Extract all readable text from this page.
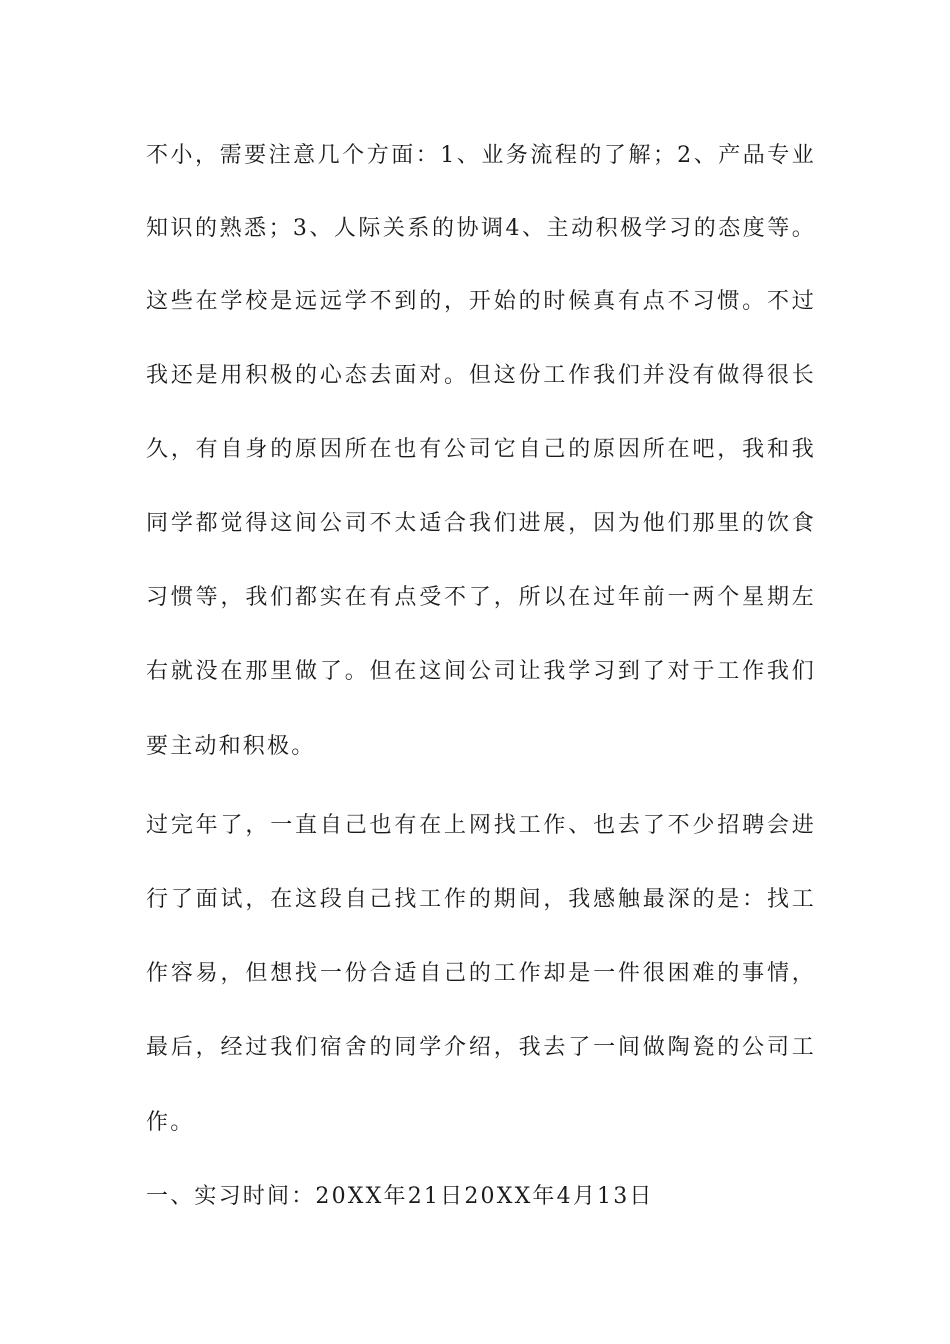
不小，需要注意几个方面：1、业务流程的了解；2、产品专业
知识的熟悉；3、人际关系的协调4、主动积极学习的态度等。
这些在学校是远远学不到的，开始的时候真有点不习惯。不过
我还是用积极的心态去面对。但这份工作我们并没有做得很长
久，有自身的原因所在也有公司它自己的原因所在吧，我和我
同学都觉得这间公司不太适合我们进展，因为他们那里的饮食
习惯等，我们都实在有点受不了，所以在过年前一两个星期左
右就没在那里做了。但在这间公司让我学习到了对于工作我们
要主动和积极。
过完年了，一直自己也有在上网找工作、也去了不少招聘会进
行了面试，在这段自己找工作的期间，我感触最深的是：找工
作容易，但想找一份合适自己的工作却是一件很困难的事情，
最后，经过我们宿舍的同学介绍，我去了一间做陶瓷的公司工
作。
一、实习时间：20XX年21日20XX年4月13日
